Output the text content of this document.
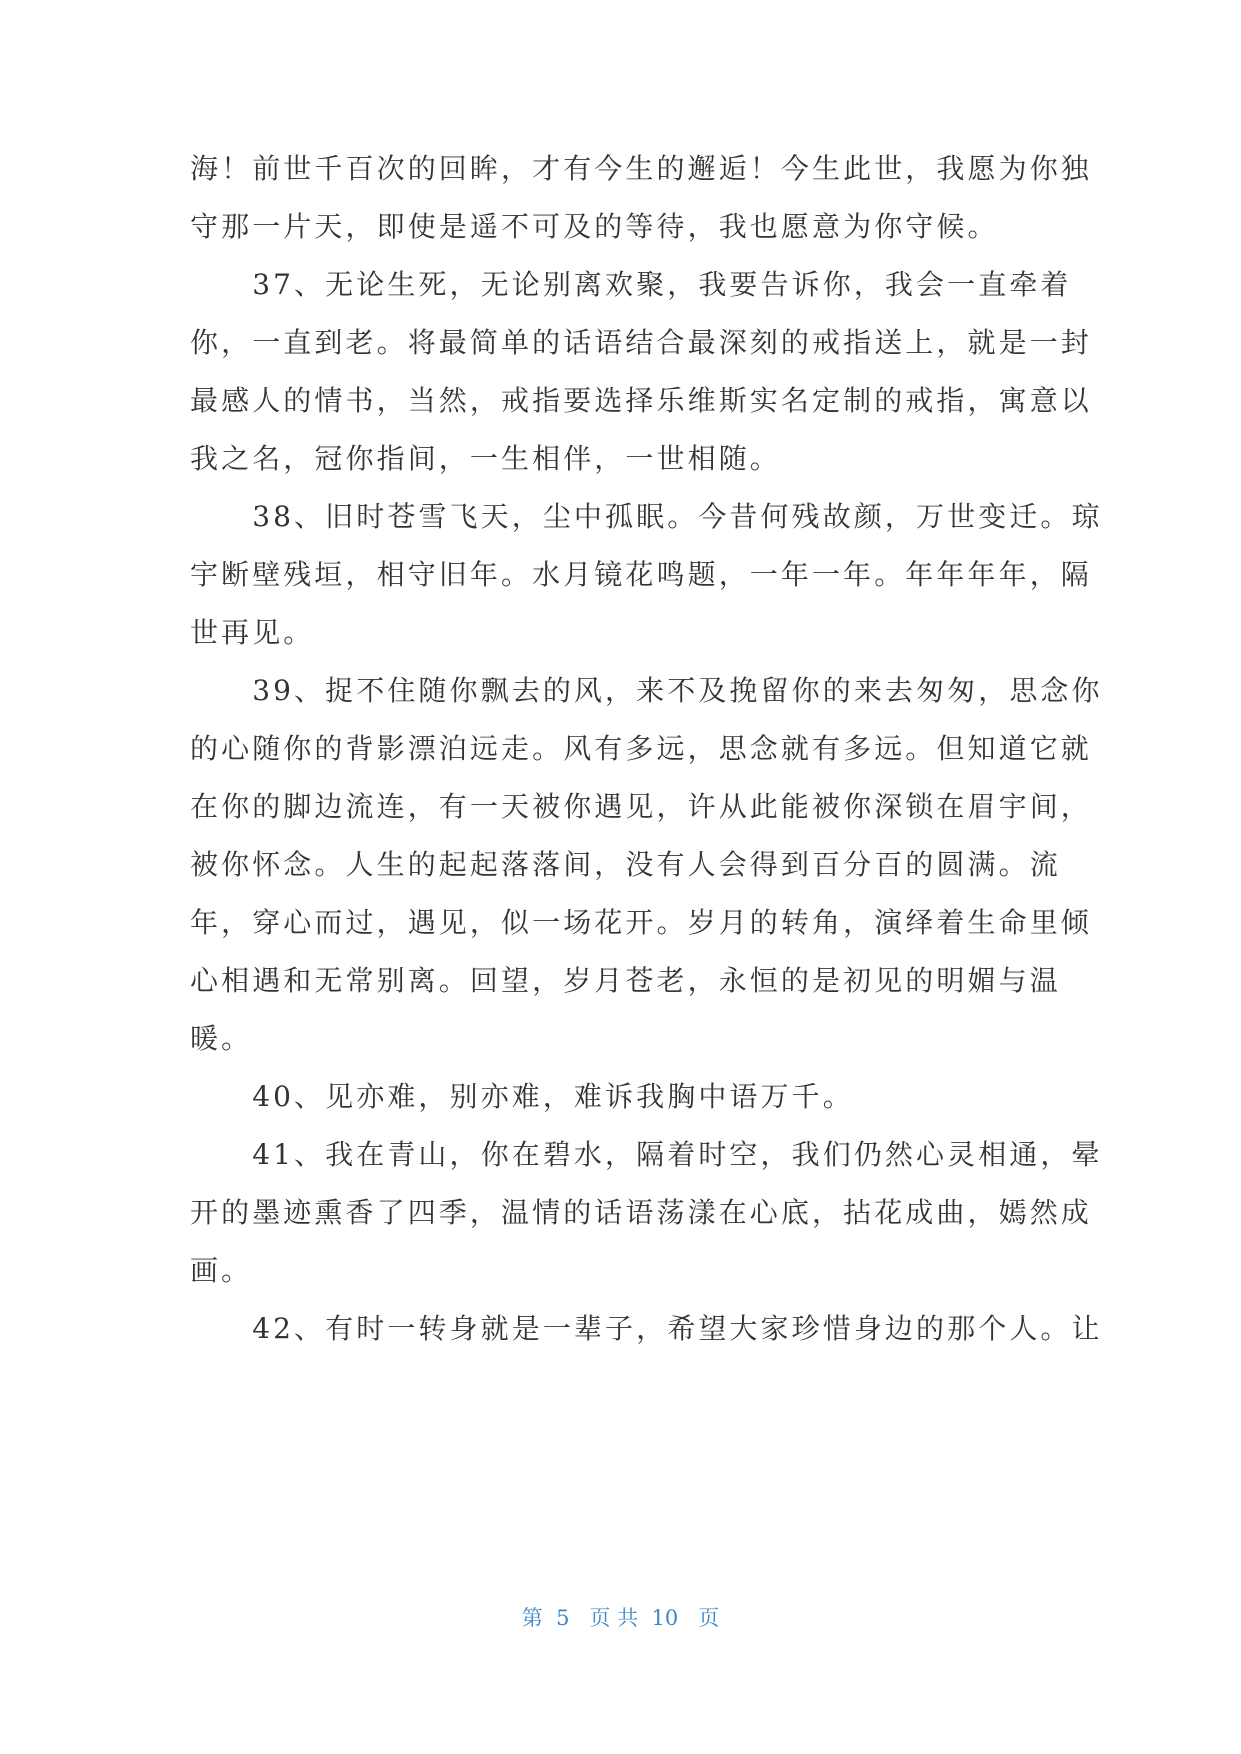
海！前世千百次的回眸，才有今生的邂逅！今生此世，我愿为你独
守那一片天，即使是遥不可及的等待，我也愿意为你守候。
　　37、无论生死，无论别离欢聚，我要告诉你，我会一直牵着
你，一直到老。将最简单的话语结合最深刻的戒指送上，就是一封
最感人的情书，当然，戒指要选择乐维斯实名定制的戒指，寓意以
我之名，冠你指间，一生相伴，一世相随。
　　38、旧时苍雪飞天，尘中孤眠。今昔何残故颜，万世变迁。琼
宇断壁残垣，相守旧年。水月镜花鸣题，一年一年。年年年年，隔
世再见。
　　39、捉不住随你飘去的风，来不及挽留你的来去匆匆，思念你
的心随你的背影漂泊远走。风有多远，思念就有多远。但知道它就
在你的脚边流连，有一天被你遇见，许从此能被你深锁在眉宇间，
被你怀念。人生的起起落落间，没有人会得到百分百的圆满。流
年，穿心而过，遇见，似一场花开。岁月的转角，演绎着生命里倾
心相遇和无常别离。回望，岁月苍老，永恒的是初见的明媚与温
暖。
　　40、见亦难，别亦难，难诉我胸中语万千。
　　41、我在青山，你在碧水，隔着时空，我们仍然心灵相通，晕
开的墨迹熏香了四季，温情的话语荡漾在心底，拈花成曲，嫣然成
画。
　　42、有时一转身就是一辈子，希望大家珍惜身边的那个人。让
第  5   页 共  10   页
